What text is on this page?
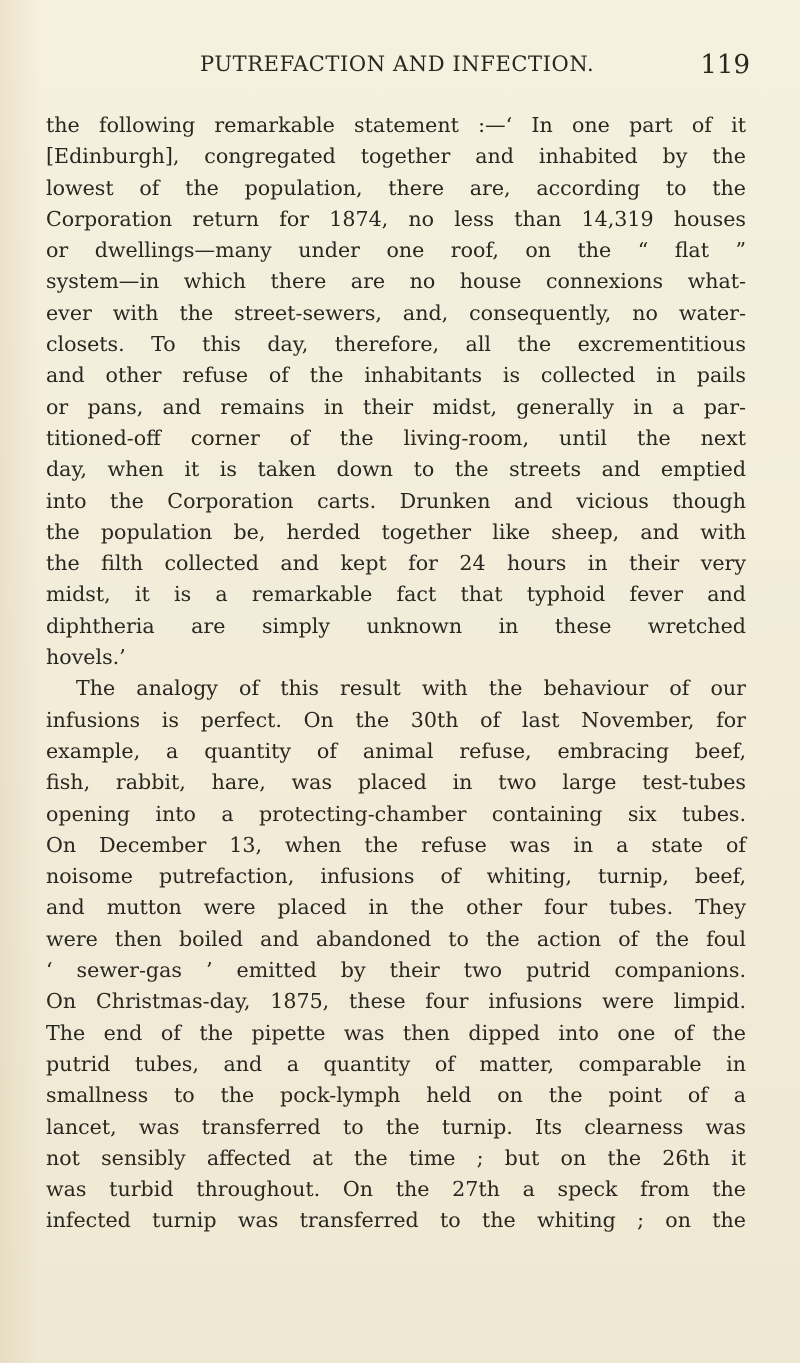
PUTREFACTION AND INFECTION.	119
the following remarkable statement :—‘ In one part of it
[Edinburgh], congregated together and inhabited by the
lowest of the population, there are, according to the
Corporation return for 1874, no less than 14,319 houses
or dwellings—many under one roof, on the “ flat ”
system—in which there are no house connexions what-
ever with the street-sewers, and, consequently, no water-
closets. To this day, therefore, all the excrementitious
and other refuse of the inhabitants is collected in pails
or pans, and remains in their midst, generally in a par-
titioned-off corner of the living-room, until the next
day, when it is taken down to the streets and emptied
into the Corporation carts. Drunken and vicious though
the population be, herded together like sheep, and with
the filth collected and kept for 24 hours in their very
midst, it is a remarkable fact that typhoid fever and
diphtheria are simply unknown in these wretched
hovels.’
The analogy of this result with the behaviour of our
infusions is perfect. On the 30th of last November, for
example, a quantity of animal refuse, embracing beef,
fish, rabbit, hare, was placed in two large test-tubes
opening into a protecting-chamber containing six tubes.
On December 13, when the refuse was in a state of
noisome putrefaction, infusions of whiting, turnip, beef,
and mutton were placed in the other four tubes. They
were then boiled and abandoned to the action of the foul
‘ sewer-gas ’ emitted by their two putrid companions.
On Christmas-day, 1875, these four infusions were limpid.
The end of the pipette was then dipped into one of the
putrid tubes, and a quantity of matter, comparable in
smallness to the pock-lymph held on the point of a
lancet, was transferred to the turnip. Its clearness was
not sensibly affected at the time ; but on the 26th it
was turbid throughout. On the 27th a speck from the
infected turnip was transferred to the whiting ; on the
